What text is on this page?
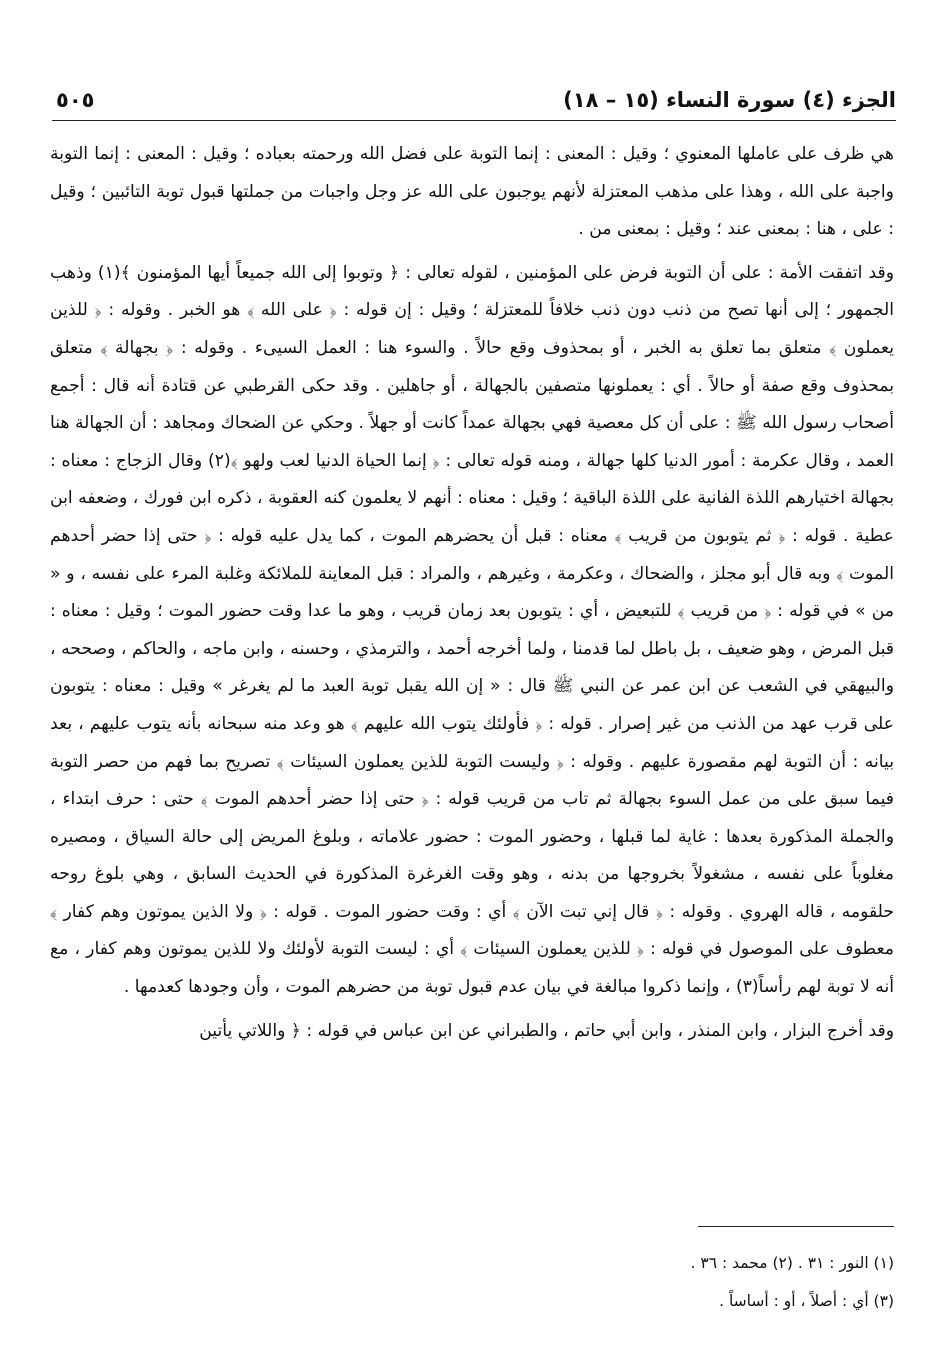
الجزء (٤) سورة النساء (١٥ – ١٨)
٥٠٥

هي ظرف على عاملها المعنوي ؛ وقيل : المعنى : إنما التوبة على فضل الله ورحمته بعباده ؛ وقيل : المعنى : إنما التوبة واجبة على الله ، وهذا على مذهب المعتزلة لأنهم يوجبون على الله عز وجل واجبات من جملتها قبول توبة التائبين ؛ وقيل : على ، هنا : بمعنى عند ؛ وقيل : بمعنى من .

وقد اتفقت الأمة : على أن التوبة فرض على المؤمنين ، لقوله تعالى : ﴿ وتوبوا إلى الله جميعاً أيها المؤمنون ﴾(١) وذهب الجمهور ؛ إلى أنها تصح من ذنب دون ذنب خلافاً للمعتزلة ؛ وقيل : إن قوله : ﴿ على الله ﴾ هو الخبر . وقوله : ﴿ للذين يعملون ﴾ متعلق بما تعلق به الخبر ، أو بمحذوف وقع حالاً . والسوء هنا : العمل السيىء . وقوله : ﴿ بجهالة ﴾ متعلق بمحذوف وقع صفة أو حالاً . أي : يعملونها متصفين بالجهالة ، أو جاهلين . وقد حكى القرطبي عن قتادة أنه قال : أجمع أصحاب رسول الله ﷺ : على أن كل معصية فهي بجهالة عمداً كانت أو جهلاً . وحكي عن الضحاك ومجاهد : أن الجهالة هنا العمد ، وقال عكرمة : أمور الدنيا كلها جهالة ، ومنه قوله تعالى : ﴿ إنما الحياة الدنيا لعب ولهو ﴾(٢) وقال الزجاج : معناه : بجهالة اختيارهم اللذة الفانية على اللذة الباقية ؛ وقيل : معناه : أنهم لا يعلمون كنه العقوبة ، ذكره ابن فورك ، وضعفه ابن عطية . قوله : ﴿ ثم يتوبون من قريب ﴾ معناه : قبل أن يحضرهم الموت ، كما يدل عليه قوله : ﴿ حتى إذا حضر أحدهم الموت ﴾ وبه قال أبو مجلز ، والضحاك ، وعكرمة ، وغيرهم ، والمراد : قبل المعاينة للملائكة وغلبة المرء على نفسه ، و « من » في قوله : ﴿ من قريب ﴾ للتبعيض ، أي : يتوبون بعد زمان قريب ، وهو ما عدا وقت حضور الموت ؛ وقيل : معناه : قبل المرض ، وهو ضعيف ، بل باطل لما قدمنا ، ولما أخرجه أحمد ، والترمذي ، وحسنه ، وابن ماجه ، والحاكم ، وصححه ، والبيهقي في الشعب عن ابن عمر عن النبي ﷺ قال : « إن الله يقبل توبة العبد ما لم يغرغر » وقيل : معناه : يتوبون على قرب عهد من الذنب من غير إصرار . قوله : ﴿ فأولئك يتوب الله عليهم ﴾ هو وعد منه سبحانه بأنه يتوب عليهم ، بعد بيانه : أن التوبة لهم مقصورة عليهم . وقوله : ﴿ وليست التوبة للذين يعملون السيئات ﴾ تصريح بما فهم من حصر التوبة فيما سبق على من عمل السوء بجهالة ثم تاب من قريب قوله : ﴿ حتى إذا حضر أحدهم الموت ﴾ حتى : حرف ابتداء ، والجملة المذكورة بعدها : غاية لما قبلها ، وحضور الموت : حضور علاماته ، وبلوغ المريض إلى حالة السياق ، ومصيره مغلوباً على نفسه ، مشغولاً بخروجها من بدنه ، وهو وقت الغرغرة المذكورة في الحديث السابق ، وهي بلوغ روحه حلقومه ، قاله الهروي . وقوله : ﴿ قال إني تبت الآن ﴾ أي : وقت حضور الموت . قوله : ﴿ ولا الذين يموتون وهم كفار ﴾ معطوف على الموصول في قوله : ﴿ للذين يعملون السيئات ﴾ أي : ليست التوبة لأولئك ولا للذين يموتون وهم كفار ، مع أنه لا توبة لهم رأساً(٣) ، وإنما ذكروا مبالغة في بيان عدم قبول توبة من حضرهم الموت ، وأن وجودها كعدمها .

وقد أخرج البزار ، وابن المنذر ، وابن أبي حاتم ، والطبراني عن ابن عباس في قوله : ﴿ واللاتي يأتين

(١) النور : ٣١ . (٢) محمد : ٣٦ .
(٣) أي : أصلاً ، أو : أساساً .
